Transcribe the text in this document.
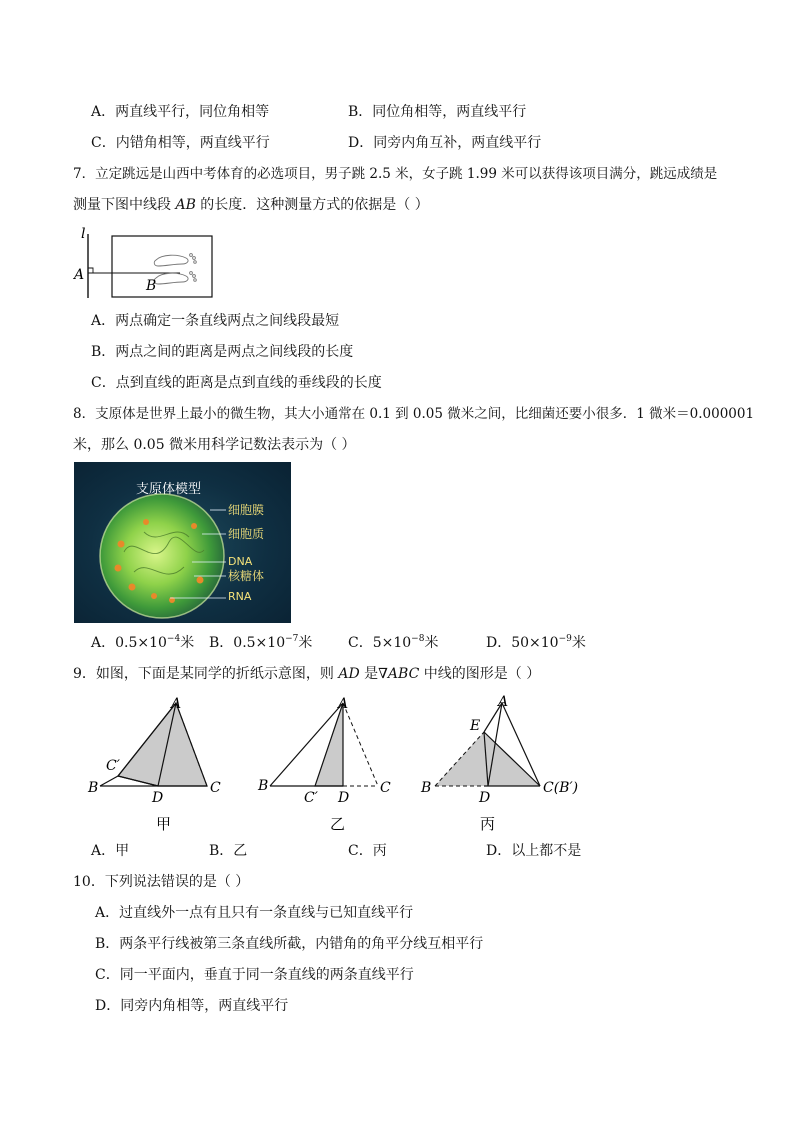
A．两直线平行，同位角相等	B．同位角相等，两直线平行
C．内错角相等，两直线平行	D．同旁内角互补，两直线平行
7．立定跳远是山西中考体育的必选项目，男子跳 2.5 米，女子跳 1.99 米可以获得该项目满分，跳远成绩是
测量下图中线段 AB 的长度．这种测量方式的依据是（ ）
l
A
B
A．两点确定一条直线两点之间线段最短
B．两点之间的距离是两点之间线段的长度
C．点到直线的距离是点到直线的垂线段的长度
8．支原体是世界上最小的微生物，其大小通常在 0.1 到 0.05 微米之间，比细菌还要小很多．1 微米＝0.000001
米，那么 0.05 微米用科学记数法表示为（ ）
支原体模型
细胞膜
细胞质
DNA
核糖体
RNA
A．$0.5\times 10^{-4}$米 B．$0.5\times 10^{-7}$米	C．$5\times 10^{-8}$米	D．$50\times 10^{-9}$米
9．如图，下面是某同学的折纸示意图，则 AD 是∇ABC 中线的图形是（ ）
A
C′
B
D
C
A
B
C′ D
C
A
E
B
D
C(B′)
甲	乙	丙
A．甲	B．乙	C．丙	D．以上都不是
10．下列说法错误的是（ ）
A．过直线外一点有且只有一条直线与已知直线平行
B．两条平行线被第三条直线所截，内错角的角平分线互相平行
C．同一平面内，垂直于同一条直线的两条直线平行
D．同旁内角相等，两直线平行
